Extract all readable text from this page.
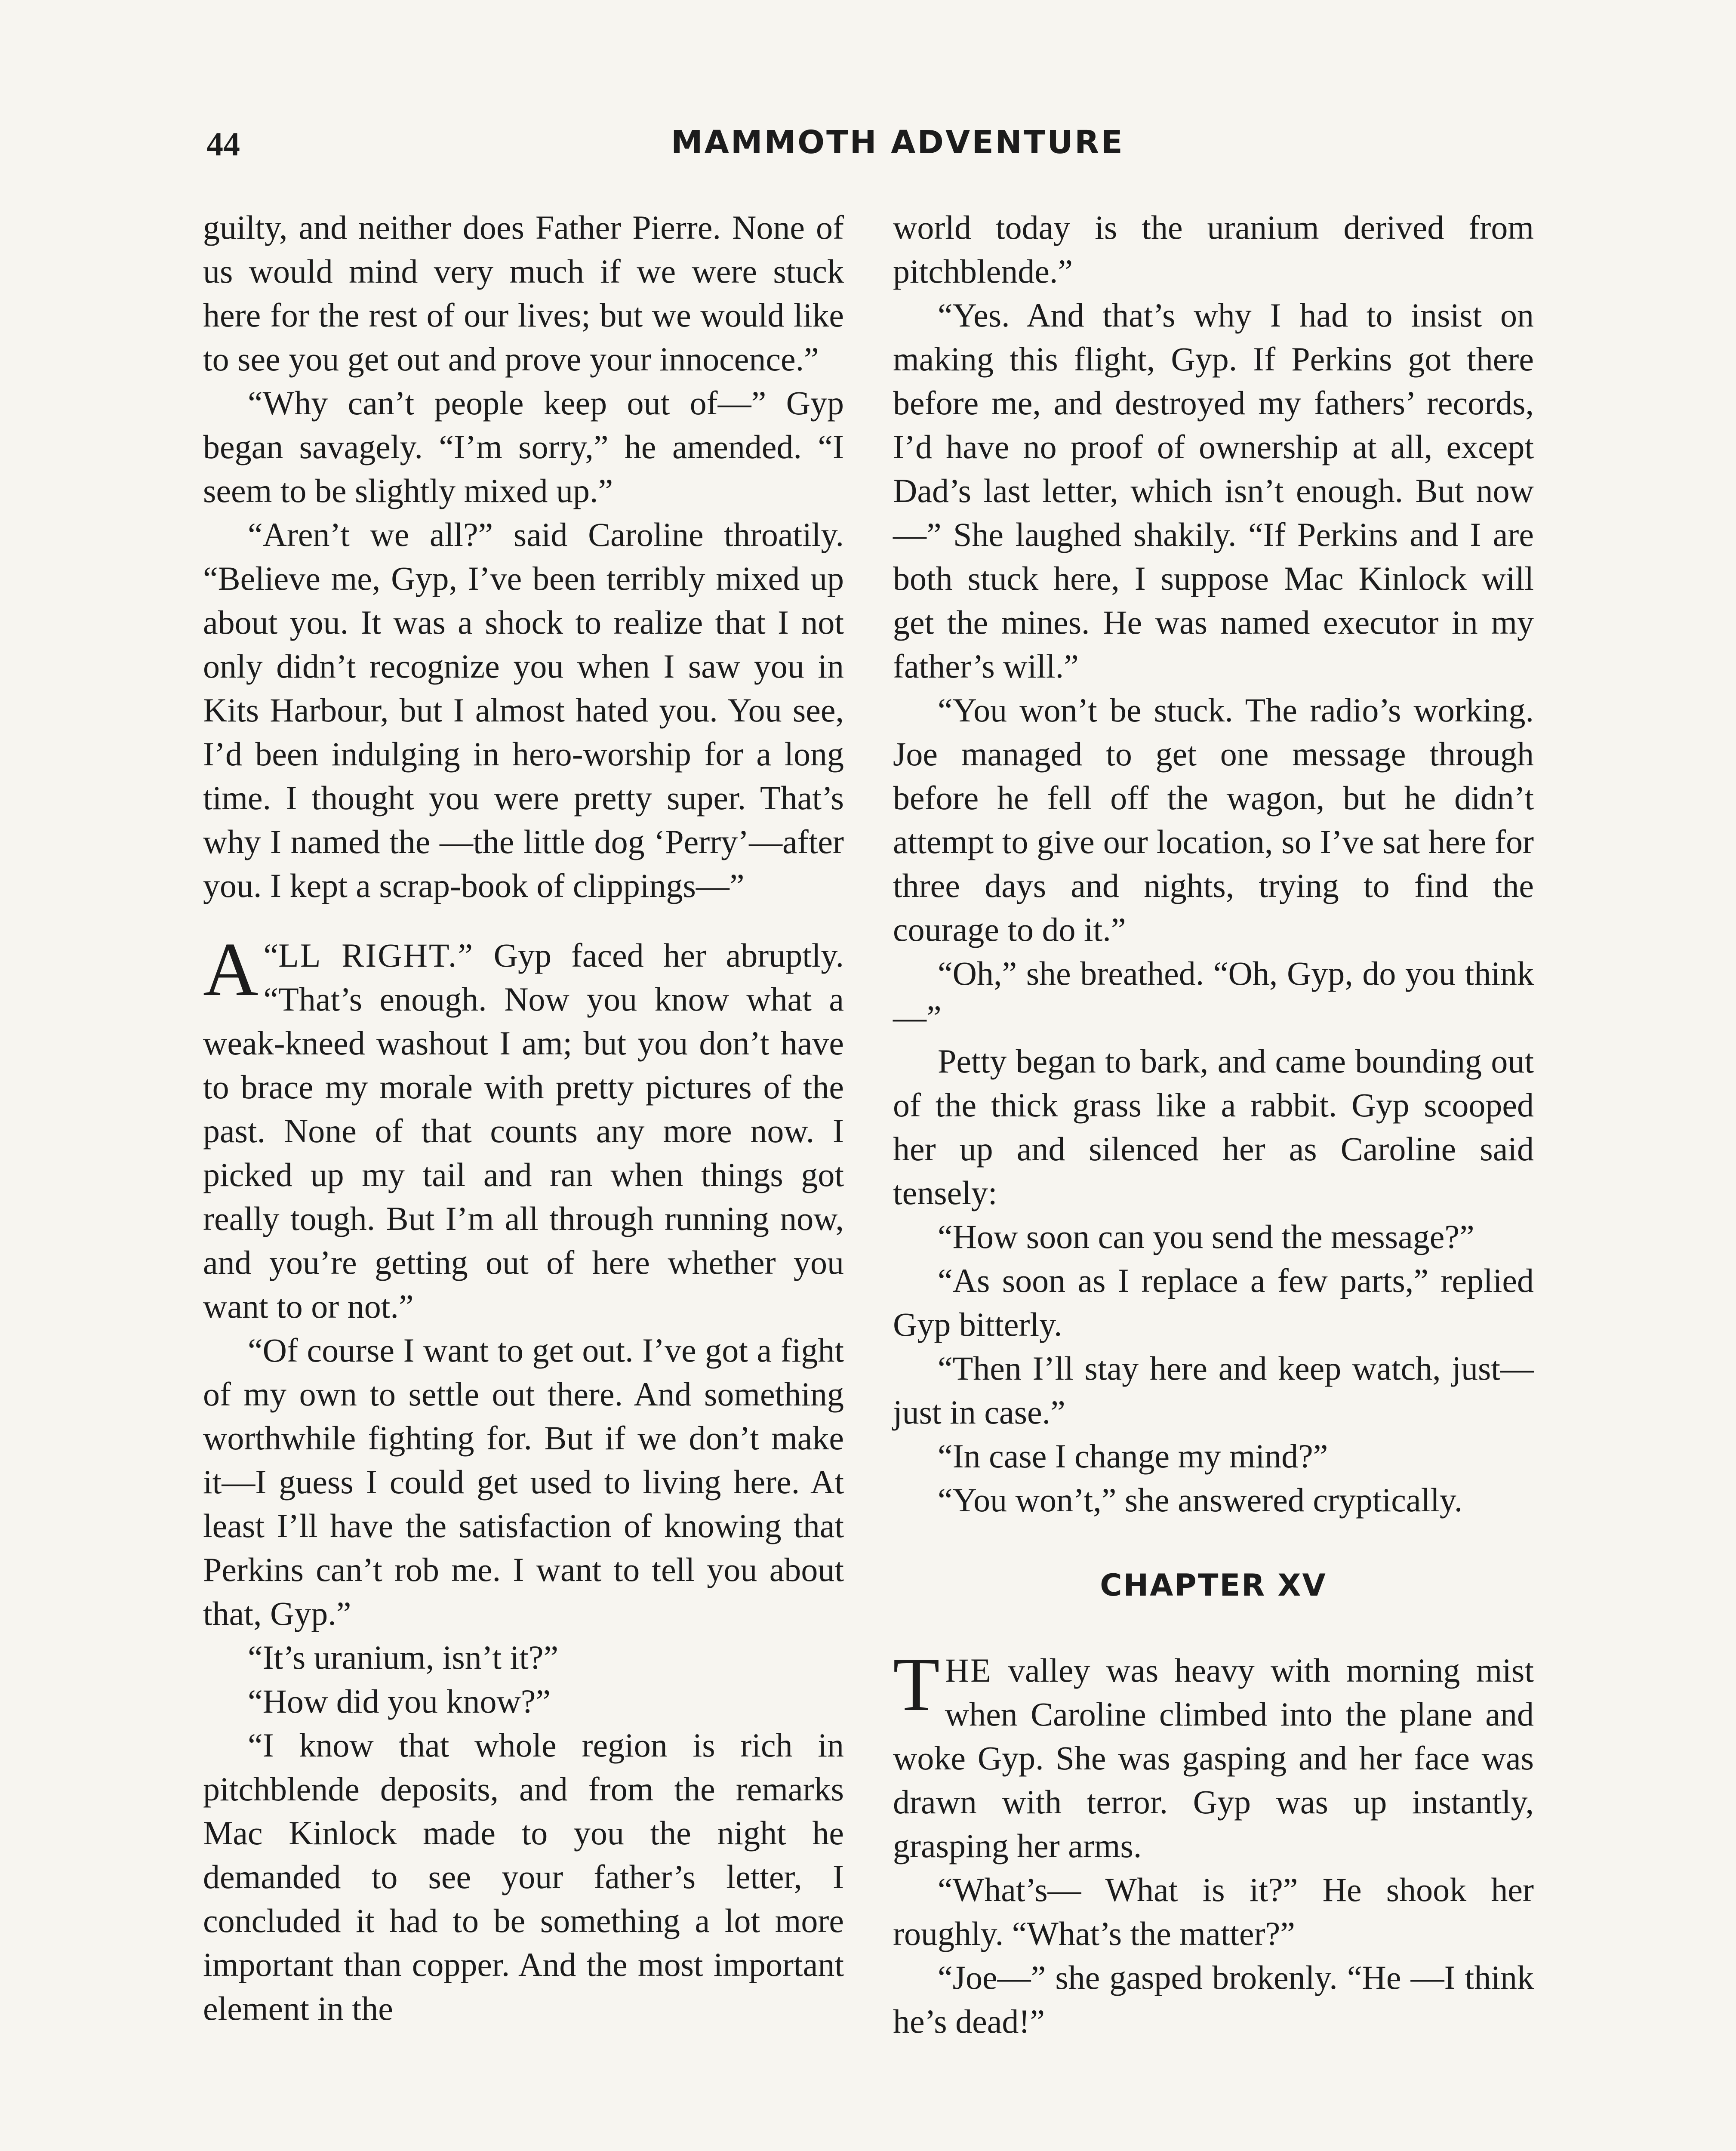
44	MAMMOTH ADVENTURE

guilty, and neither does Father Pierre. None of us would mind very much if we were stuck here for the rest of our lives; but we would like to see you get out and prove your innocence.”

“Why can’t people keep out of—” Gyp began savagely. “I’m sorry,” he amended. “I seem to be slightly mixed up.”

“Aren’t we all?” said Caroline throatily. “Believe me, Gyp, I’ve been terribly mixed up about you. It was a shock to realize that I not only didn’t recognize you when I saw you in Kits Harbour, but I almost hated you. You see, I’d been indulging in hero-worship for a long time. I thought you were pretty super. That’s why I named the —the little dog ‘Perry’—after you. I kept a scrap-book of clippings—”

“
A LL RIGHT.” Gyp faced her abruptly. “That’s enough. Now you know what a weak-kneed washout I am; but you don’t have to brace my morale with pretty pictures of the past. None of that counts any more now. I picked up my tail and ran when things got really tough. But I’m all through running now, and you’re getting out of here whether you want to or not.”

“Of course I want to get out. I’ve got a fight of my own to settle out there. And something worthwhile fighting for. But if we don’t make it—I guess I could get used to living here. At least I’ll have the satisfaction of knowing that Perkins can’t rob me. I want to tell you about that, Gyp.”

“It’s uranium, isn’t it?”

“How did you know?”

“I know that whole region is rich in pitchblende deposits, and from the remarks Mac Kinlock made to you the night he demanded to see your father’s letter, I concluded it had to be something a lot more important than copper. And the most important element in the

world today is the uranium derived from pitchblende.”

“Yes. And that’s why I had to insist on making this flight, Gyp. If Perkins got there before me, and destroyed my fathers’ records, I’d have no proof of ownership at all, except Dad’s last letter, which isn’t enough. But now—” She laughed shakily. “If Perkins and I are both stuck here, I suppose Mac Kinlock will get the mines. He was named executor in my father’s will.”

“You won’t be stuck. The radio’s working. Joe managed to get one message through before he fell off the wagon, but he didn’t attempt to give our location, so I’ve sat here for three days and nights, trying to find the courage to do it.”

“Oh,” she breathed. “Oh, Gyp, do you think—”

Petty began to bark, and came bounding out of the thick grass like a rabbit. Gyp scooped her up and silenced her as Caroline said tensely:

“How soon can you send the message?”

“As soon as I replace a few parts,” replied Gyp bitterly.

“Then I’ll stay here and keep watch, just—just in case.”

“In case I change my mind?”

“You won’t,” she answered cryptically.

CHAPTER XV

THE valley was heavy with morning mist when Caroline climbed into the plane and woke Gyp. She was gasping and her face was drawn with terror. Gyp was up instantly, grasping her arms.

“What’s— What is it?” He shook her roughly. “What’s the matter?”

“Joe—” she gasped brokenly. “He —I think he’s dead!”
